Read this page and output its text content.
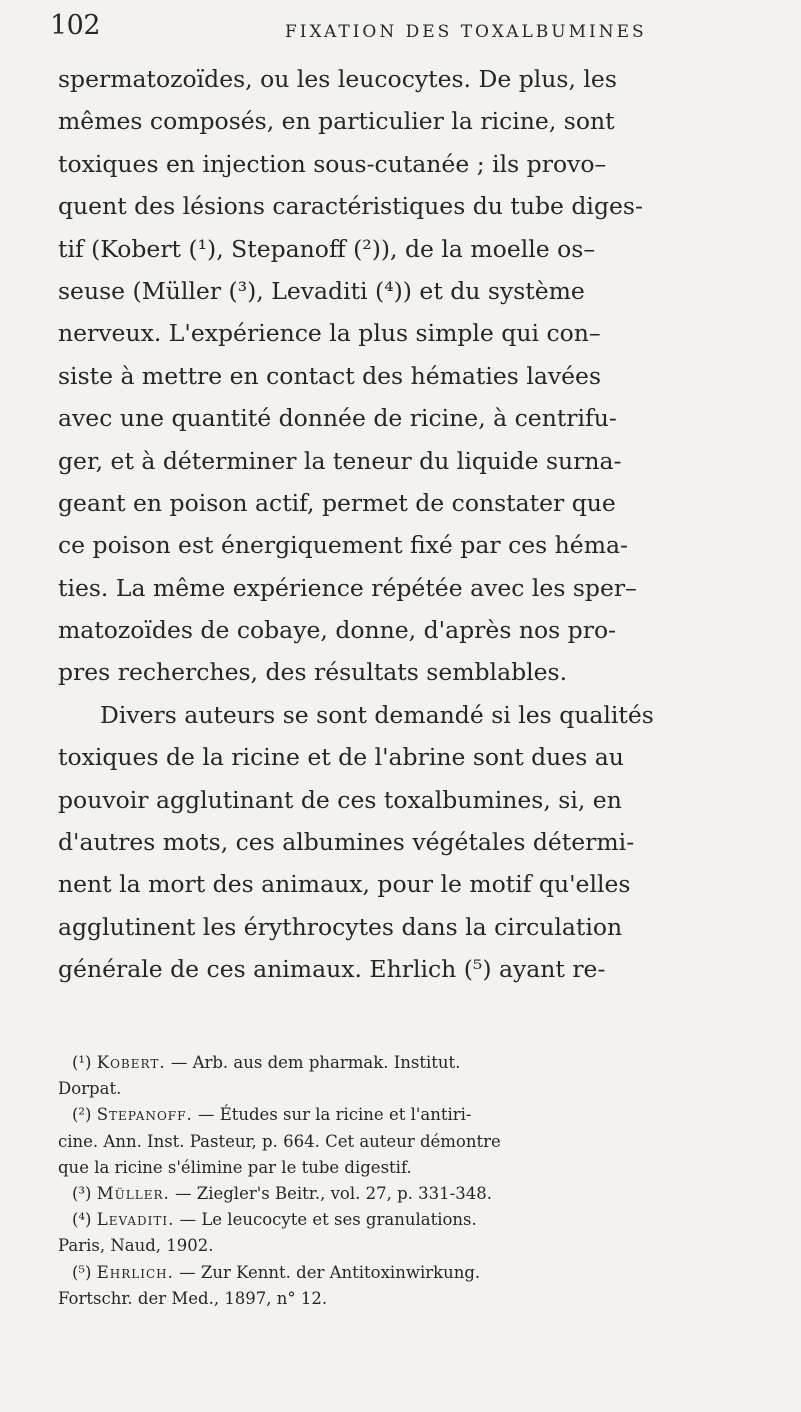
102	FIXATION DES TOXALBUMINES
spermatozoïdes, ou les leucocytes. De plus, les
mêmes composés, en particulier la ricine, sont
toxiques en injection sous-cutanée ; ils provo–
quent des lésions caractéristiques du tube diges-
tif (Kobert (¹), Stepanoff (²)), de la moelle os–
seuse (Müller (³), Levaditi (⁴)) et du système
nerveux. L'expérience la plus simple qui con–
siste à mettre en contact des hématies lavées
avec une quantité donnée de ricine, à centrifu-
ger, et à déterminer la teneur du liquide surna-
geant en poison actif, permet de constater que
ce poison est énergiquement fixé par ces héma-
ties. La même expérience répétée avec les sper–
matozoïdes de cobaye, donne, d'après nos pro-
pres recherches, des résultats semblables.
Divers auteurs se sont demandé si les qualités
toxiques de la ricine et de l'abrine sont dues au
pouvoir agglutinant de ces toxalbumines, si, en
d'autres mots, ces albumines végétales détermi-
nent la mort des animaux, pour le motif qu'elles
agglutinent les érythrocytes dans la circulation
générale de ces animaux. Ehrlich (⁵) ayant re-
(¹) Kobert. — Arb. aus dem pharmak. Institut.
Dorpat.
(²) Stepanoff. — Études sur la ricine et l'antiri-
cine. Ann. Inst. Pasteur, p. 664. Cet auteur démontre
que la ricine s'élimine par le tube digestif.
(³) Müller. — Ziegler's Beitr., vol. 27, p. 331-348.
(⁴) Levaditi. — Le leucocyte et ses granulations.
Paris, Naud, 1902.
(⁵) Ehrlich. — Zur Kennt. der Antitoxinwirkung.
Fortschr. der Med., 1897, n° 12.
